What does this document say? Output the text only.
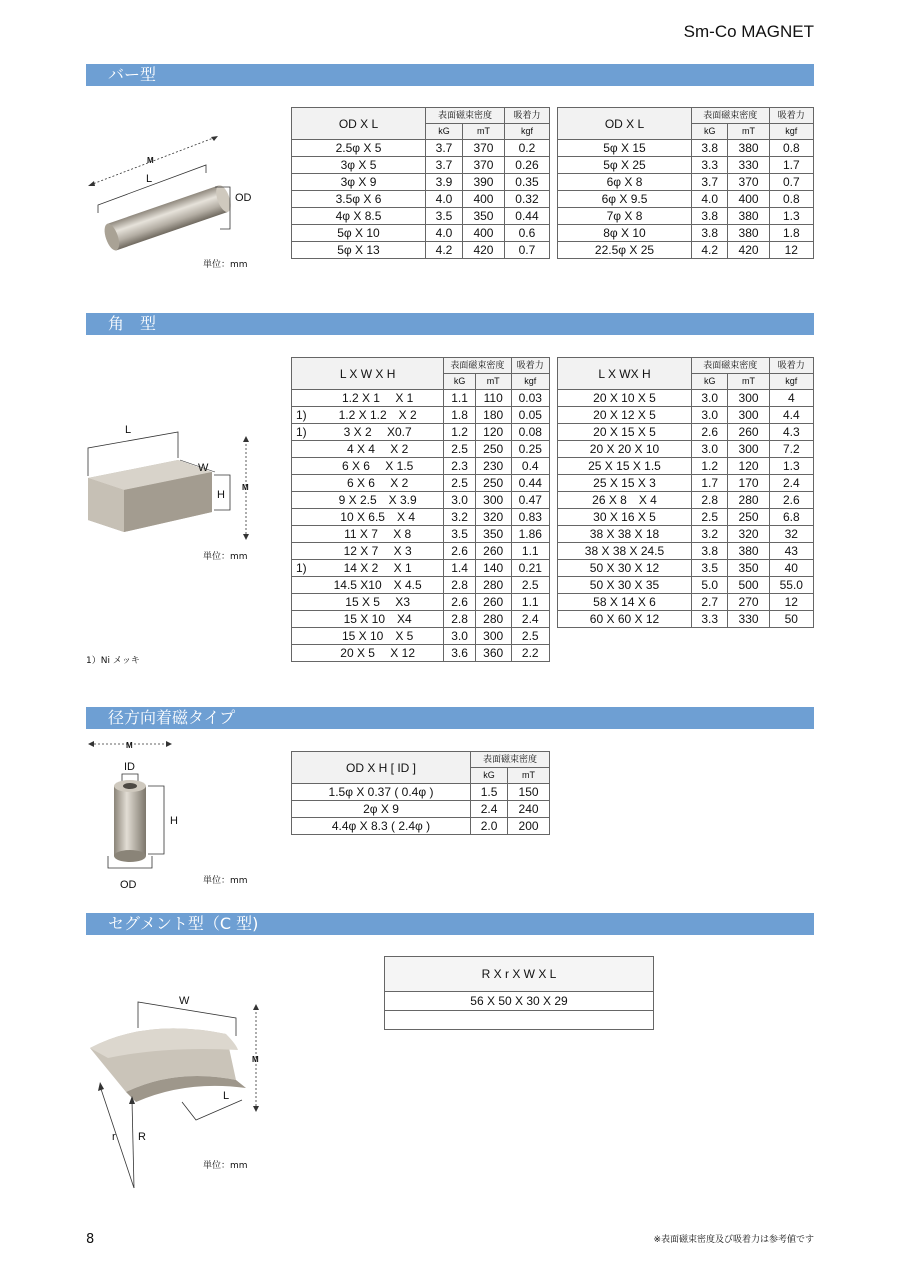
Sm-Co MAGNET
バー型
M
L
OD
単位：mm
OD X L	表面磁束密度		吸着力
	kG	mT	kgf
2.5φ X 5	3.7	370	0.2
3φ X 5	3.7	370	0.26
3φ X 9	3.9	390	0.35
3.5φ X 6	4.0	400	0.32
4φ X 8.5	3.5	350	0.44
5φ X 10	4.0	400	0.6
5φ X 13	4.2	420	0.7
OD X L	表面磁束密度		吸着力
	kG	mT	kgf
5φ X 15	3.8	380	0.8
5φ X 25	3.3	330	1.7
6φ X 8	3.7	370	0.7
6φ X 9.5	4.0	400	0.8
7φ X 8	3.8	380	1.3
8φ X 10	3.8	380	1.8
22.5φ X 25	4.2	420	12
角　型
L
W
H
M
単位：mm
1）Ni メッキ
L X W X H		表面磁束密度		吸着力
		kG	mT	kgf
	1.2 X 1　 X 1	1.1	110	0.03
1)	1.2 X 1.2　X 2	1.8	180	0.05
1)	3 X 2　 X0.7	1.2	120	0.08
	4 X 4　 X 2	2.5	250	0.25
	6 X 6　 X 1.5	2.3	230	0.4
	6 X 6　 X 2	2.5	250	0.44
	9 X 2.5　X 3.9	3.0	300	0.47
	10 X 6.5　X 4	3.2	320	0.83
	11 X 7　 X 8	3.5	350	1.86
	12 X 7　 X 3	2.6	260	1.1
1)	14 X 2　 X 1	1.4	140	0.21
	14.5 X10　X 4.5	2.8	280	2.5
	15 X 5　 X3	2.6	260	1.1
	15 X 10　X4	2.8	280	2.4
	15 X 10　X 5	3.0	300	2.5
	20 X 5　 X 12	3.6	360	2.2
L X WX H	表面磁束密度		吸着力
	kG	mT	kgf
20 X 10 X 5	3.0	300	4
20 X 12 X 5	3.0	300	4.4
20 X 15 X 5	2.6	260	4.3
20 X 20 X 10	3.0	300	7.2
25 X 15 X 1.5	1.2	120	1.3
25 X 15 X 3	1.7	170	2.4
26 X 8　X 4	2.8	280	2.6
30 X 16 X 5	2.5	250	6.8
38 X 38 X 18	3.2	320	32
38 X 38 X 24.5	3.8	380	43
50 X 30 X 12	3.5	350	40
50 X 30 X 35	5.0	500	55.0
58 X 14 X 6	2.7	270	12
60 X 60 X 12	3.3	330	50
径方向着磁タイプ
M
ID
H
OD	単位：mm
OD X H [ ID ]	表面磁束密度	
	kG	mT
1.5φ X 0.37 ( 0.4φ )	1.5	150
2φ X 9	2.4	240
4.4φ X 8.3 ( 2.4φ )	2.0	200
セグメント型（C 型)
W
L
M
r R
単位：mm
R X r X W X L
56 X 50 X 30 X 29

8	※表面磁束密度及び吸着力は参考値です
